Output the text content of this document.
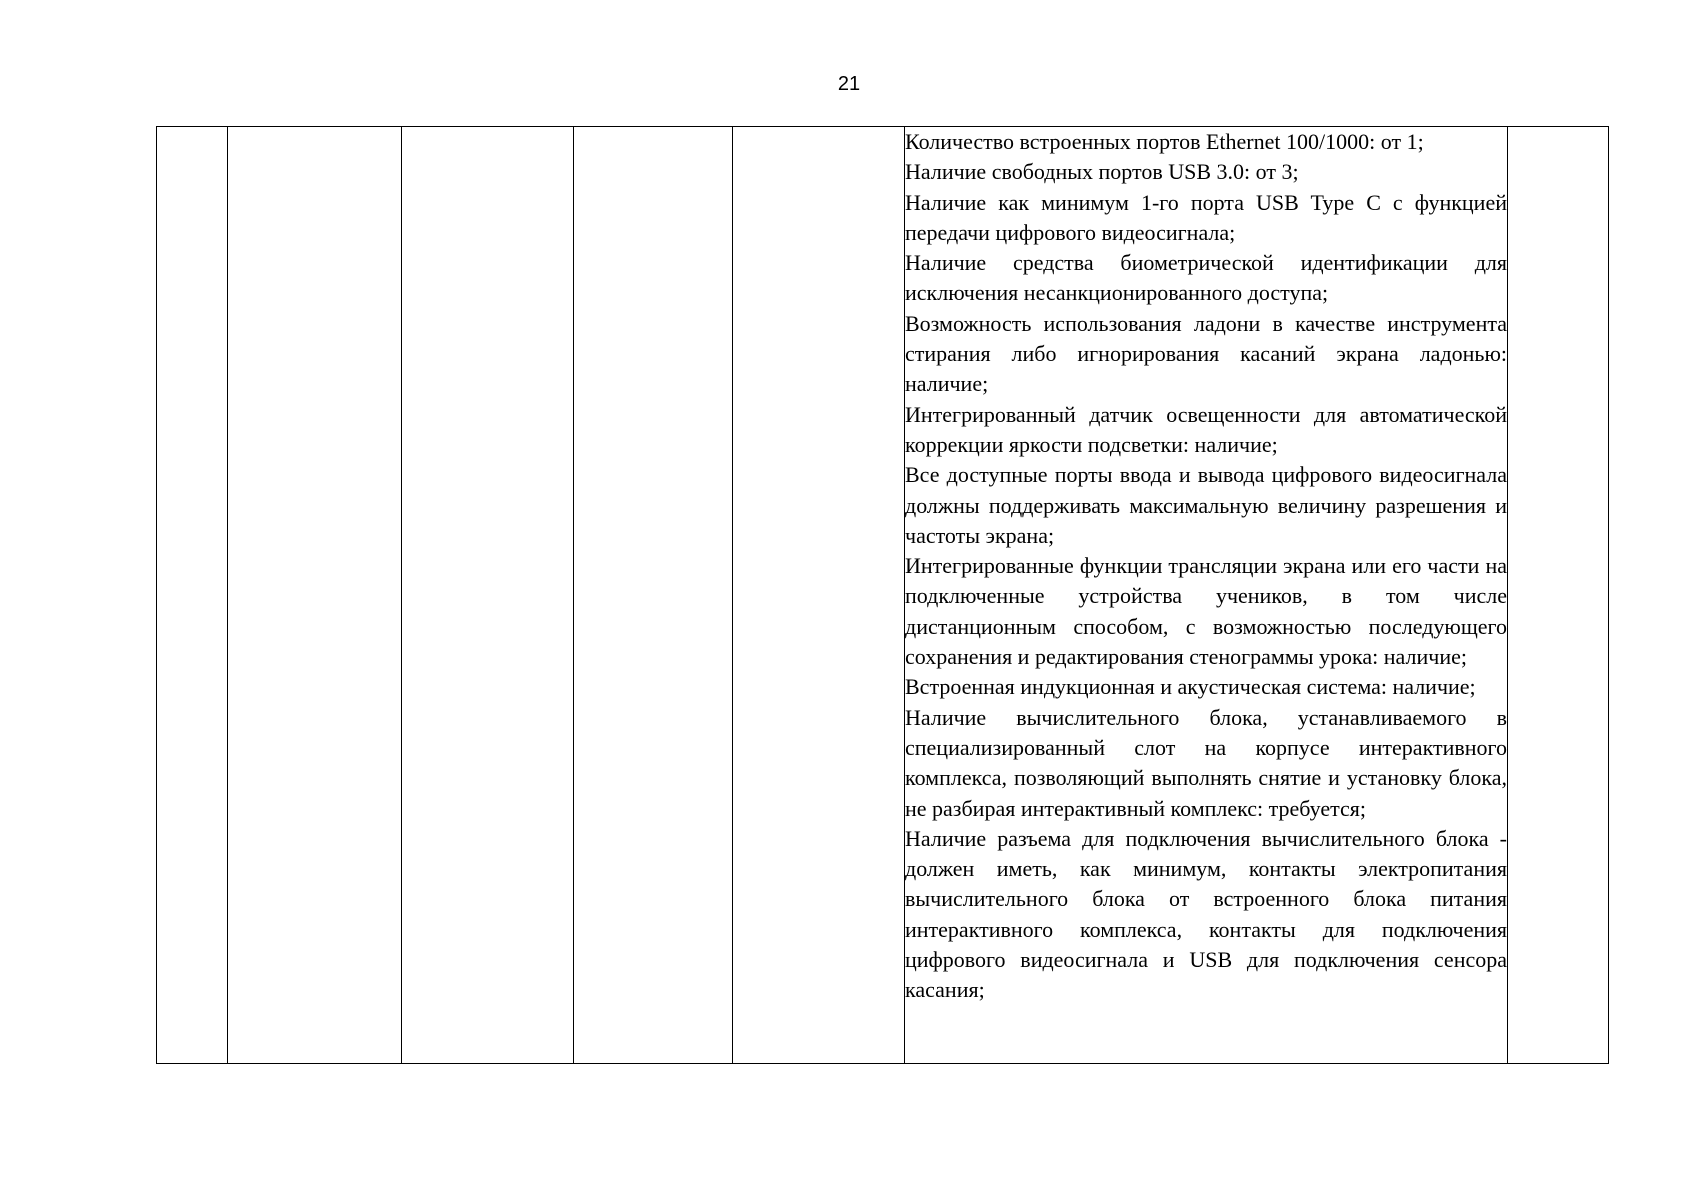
21

Количество встроенных портов Ethernet 100/1000: от 1;
Наличие свободных портов USB 3.0: от 3;
Наличие как минимум 1-го порта USB Type C с функцией передачи цифрового видеосигнала;
Наличие средства биометрической идентификации для исключения несанкционированного доступа;
Возможность использования ладони в качестве инструмента стирания либо игнорирования касаний экрана ладонью: наличие;
Интегрированный датчик освещенности для автоматической коррекции яркости подсветки: наличие;
Все доступные порты ввода и вывода цифрового видеосигнала должны поддерживать максимальную величину разрешения и частоты экрана;
Интегрированные функции трансляции экрана или его части на подключенные устройства учеников, в том числе дистанционным способом, с возможностью последующего сохранения и редактирования стенограммы урока: наличие;
Встроенная индукционная и акустическая система: наличие;
Наличие вычислительного блока, устанавливаемого в специализированный слот на корпусе интерактивного комплекса, позволяющий выполнять снятие и установку блока, не разбирая интерактивный комплекс: требуется;
Наличие разъема для подключения вычислительного блока - должен иметь, как минимум, контакты электропитания вычислительного блока от встроенного блока питания интерактивного комплекса, контакты для подключения цифрового видеосигнала и USB для подключения сенсора касания;
